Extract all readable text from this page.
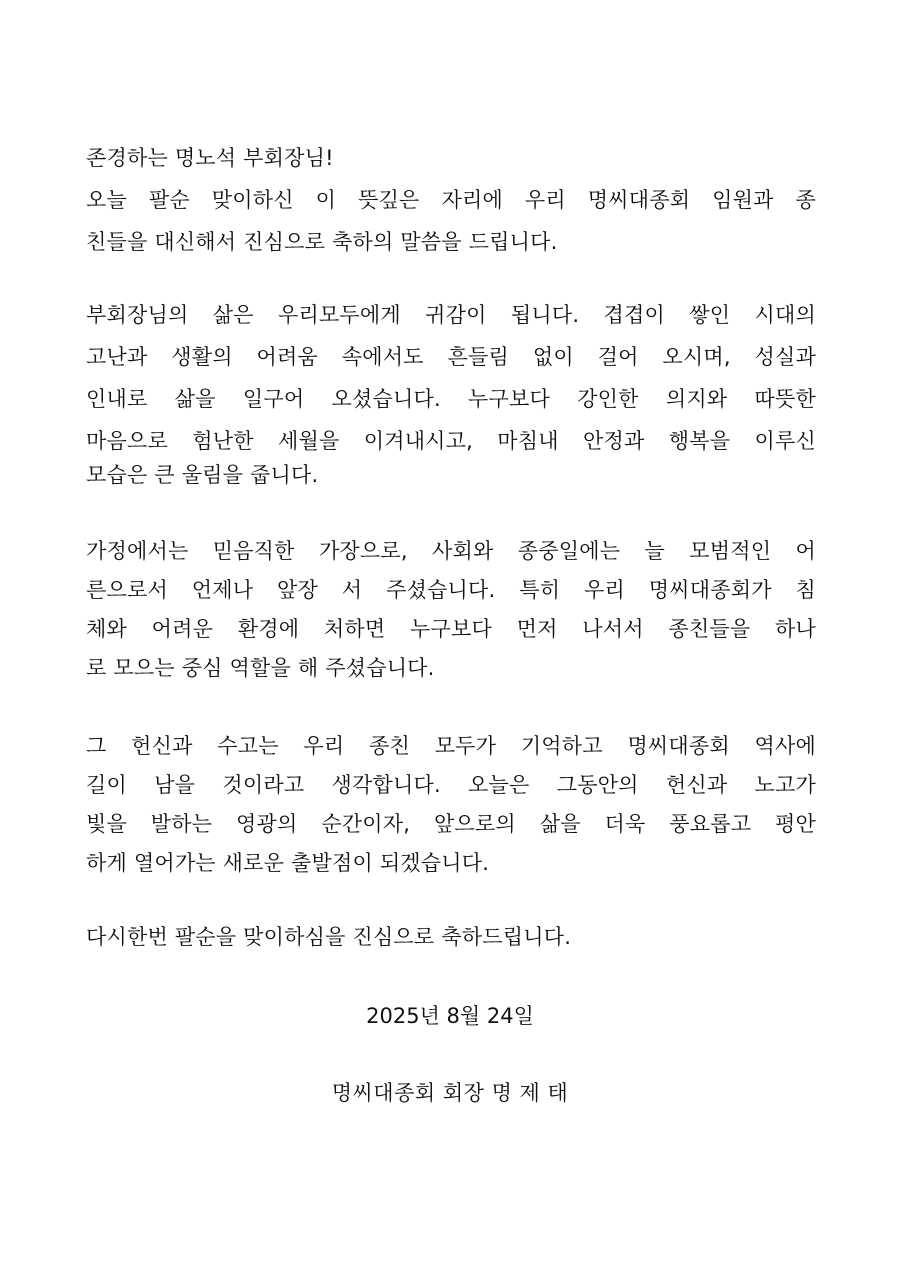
존경하는 명노석 부회장님!
오늘 팔순 맞이하신 이 뜻깊은 자리에 우리 명씨대종회 임원과 종
친들을 대신해서 진심으로 축하의 말씀을 드립니다.
부회장님의 삶은 우리모두에게 귀감이 됩니다. 겹겹이 쌓인 시대의
고난과 생활의 어려움 속에서도 흔들림 없이 걸어 오시며, 성실과
인내로 삶을 일구어 오셨습니다. 누구보다 강인한 의지와 따뜻한
마음으로 험난한 세월을 이겨내시고, 마침내 안정과 행복을 이루신
모습은 큰 울림을 줍니다.
가정에서는 믿음직한 가장으로, 사회와 종중일에는 늘 모범적인 어
른으로서 언제나 앞장 서 주셨습니다. 특히 우리 명씨대종회가 침
체와 어려운 환경에 처하면 누구보다 먼저 나서서 종친들을 하나
로 모으는 중심 역할을 해 주셨습니다.
그 헌신과 수고는 우리 종친 모두가 기억하고 명씨대종회 역사에
길이 남을 것이라고 생각합니다. 오늘은 그동안의 헌신과 노고가
빛을 발하는 영광의 순간이자, 앞으로의 삶을 더욱 풍요롭고 평안
하게 열어가는 새로운 출발점이 되겠습니다.
다시한번 팔순을 맞이하심을 진심으로 축하드립니다.
2025년 8월 24일
명씨대종회 회장 명 제 태
